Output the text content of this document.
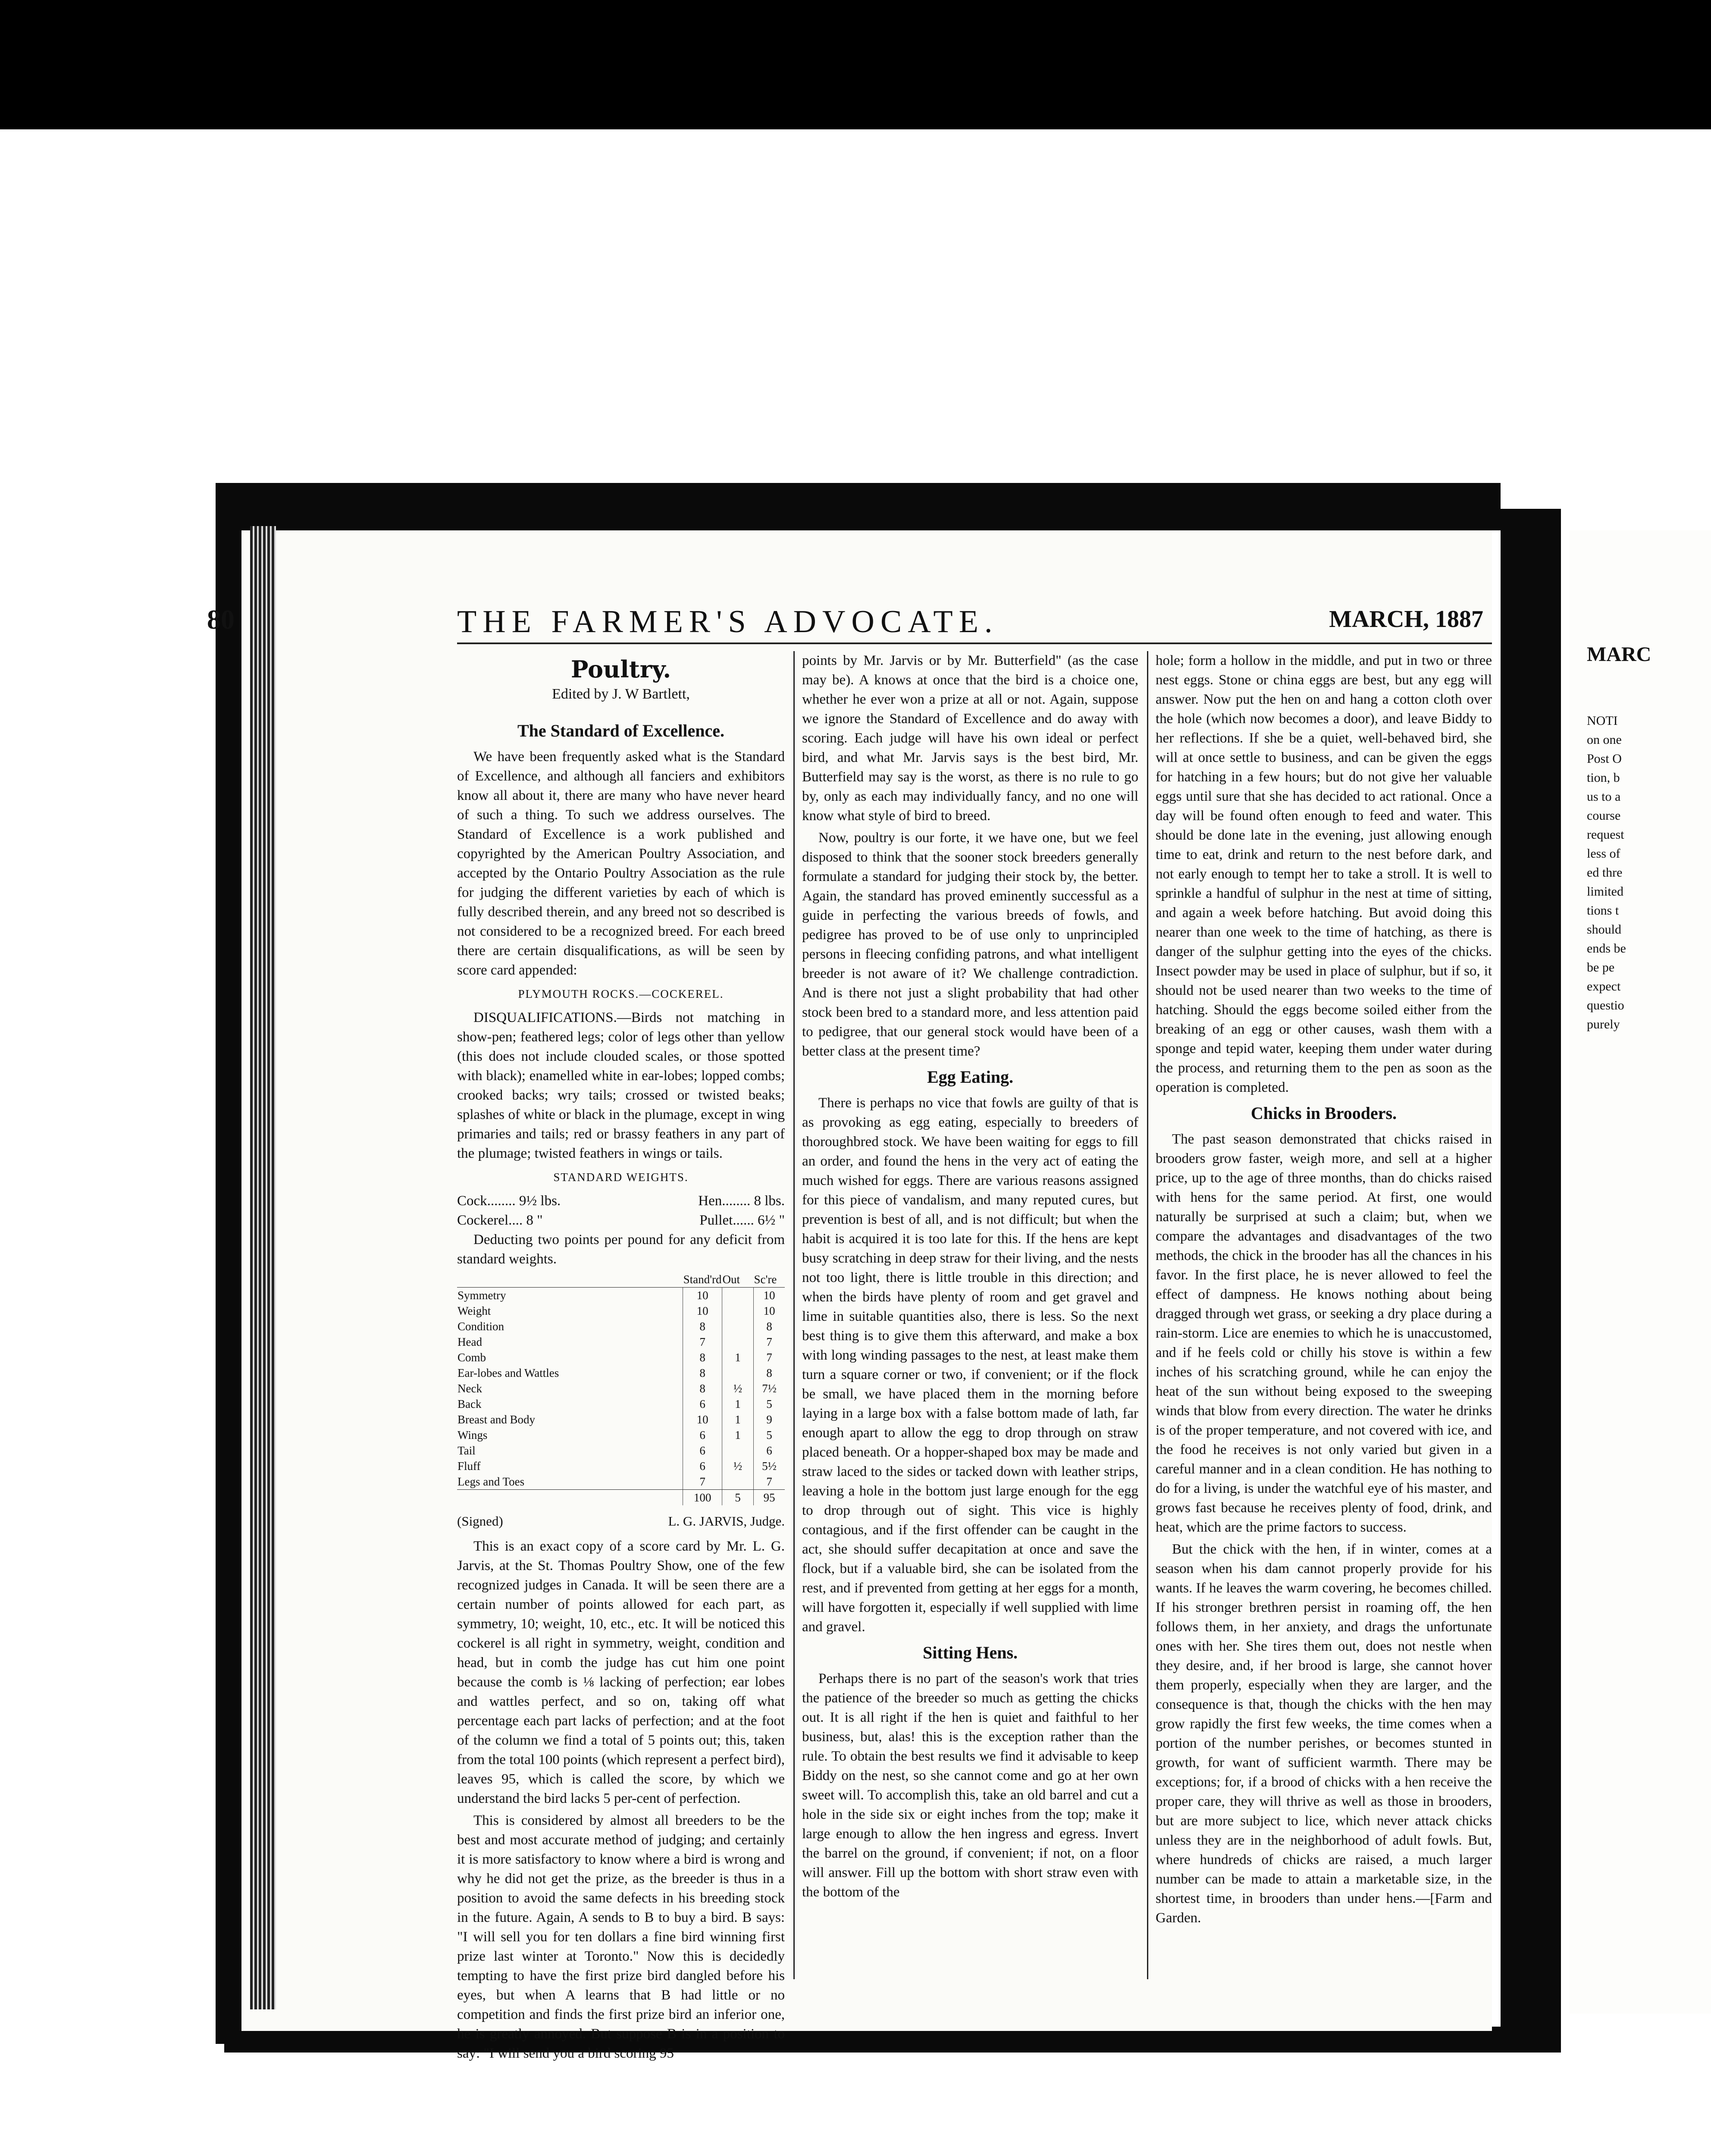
80	THE FARMER'S ADVOCATE.	MARCH, 1887
Poultry.
Edited by J. W Bartlett,
The Standard of Excellence.

We have been frequently asked what is the Standard of Excellence, and although all fanciers and exhibitors know all about it, there are many who have never heard of such a thing. To such we address ourselves. The Standard of Excellence is a work published and copyrighted by the American Poultry Association, and accepted by the Ontario Poultry Association as the rule for judging the different varieties by each of which is fully described therein, and any breed not so described is not considered to be a recognized breed. For each breed there are certain disqualifications, as will be seen by score card appended:

PLYMOUTH ROCKS.—COCKEREL.

DISQUALIFICATIONS.—Birds not matching in show-pen; feathered legs; color of legs other than yellow (this does not include clouded scales, or those spotted with black); enamelled white in ear-lobes; lopped combs; crooked backs; wry tails; crossed or twisted beaks; splashes of white or black in the plumage, except in wing primaries and tails; red or brassy feathers in any part of the plumage; twisted feathers in wings or tails.

STANDARD WEIGHTS.
Cock........ 9½ lbs.	Hen........ 8 lbs.
Cockerel.... 8 "	Pullet...... 6½ "

Deducting two points per pound for any deficit from standard weights.

	Stand'rd	Out	Sc're
Symmetry	10		10
Weight	10		10
Condition	8		8
Head	7		7
Comb	8	1	7
Ear-lobes and Wattles	8		8
Neck	8	½	7½
Back	6	1	5
Breast and Body	10	1	9
Wings	6	1	5
Tail	6		6
Fluff	6	½	5½
Legs and Toes	7		7
	100	5	95
(Signed)	L. G. JARVIS, Judge.

This is an exact copy of a score card by Mr. L. G. Jarvis, at the St. Thomas Poultry Show, one of the few recognized judges in Canada. It will be seen there are a certain number of points allowed for each part, as symmetry, 10; weight, 10, etc., etc. It will be noticed this cockerel is all right in symmetry, weight, condition and head, but in comb the judge has cut him one point because the comb is ⅛ lacking of perfection; ear lobes and wattles perfect, and so on, taking off what percentage each part lacks of perfection; and at the foot of the column we find a total of 5 points out; this, taken from the total 100 points (which represent a perfect bird), leaves 95, which is called the score, by which we understand the bird lacks 5 per-cent of perfection.

This is considered by almost all breeders to be the best and most accurate method of judging; and certainly it is more satisfactory to know where a bird is wrong and why he did not get the prize, as the breeder is thus in a position to avoid the same defects in his breeding stock in the future. Again, A sends to B to buy a bird. B says: "I will sell you for ten dollars a fine bird winning first prize last winter at Toronto." Now this is decidedly tempting to have the first prize bird dangled before his eyes, but when A learns that B had little or no competition and finds the first prize bird an inferior one, he is greatly annoyed. But suppose B is in a position to say: "I will send you a bird scoring 95

points by Mr. Jarvis or by Mr. Butterfield" (as the case may be). A knows at once that the bird is a choice one, whether he ever won a prize at all or not. Again, suppose we ignore the Standard of Excellence and do away with scoring. Each judge will have his own ideal or perfect bird, and what Mr. Jarvis says is the best bird, Mr. Butterfield may say is the worst, as there is no rule to go by, only as each may individually fancy, and no one will know what style of bird to breed.

Now, poultry is our forte, it we have one, but we feel disposed to think that the sooner stock breeders generally formulate a standard for judging their stock by, the better. Again, the standard has proved eminently successful as a guide in perfecting the various breeds of fowls, and pedigree has proved to be of use only to unprincipled persons in fleecing confiding patrons, and what intelligent breeder is not aware of it? We challenge contradiction. And is there not just a slight probability that had other stock been bred to a standard more, and less attention paid to pedigree, that our general stock would have been of a better class at the present time?

Egg Eating.

There is perhaps no vice that fowls are guilty of that is as provoking as egg eating, especially to breeders of thoroughbred stock. We have been waiting for eggs to fill an order, and found the hens in the very act of eating the much wished for eggs. There are various reasons assigned for this piece of vandalism, and many reputed cures, but prevention is best of all, and is not difficult; but when the habit is acquired it is too late for this. If the hens are kept busy scratching in deep straw for their living, and the nests not too light, there is little trouble in this direction; and when the birds have plenty of room and get gravel and lime in suitable quantities also, there is less. So the next best thing is to give them this afterward, and make a box with long winding passages to the nest, at least make them turn a square corner or two, if convenient; or if the flock be small, we have placed them in the morning before laying in a large box with a false bottom made of lath, far enough apart to allow the egg to drop through on straw placed beneath. Or a hopper-shaped box may be made and straw laced to the sides or tacked down with leather strips, leaving a hole in the bottom just large enough for the egg to drop through out of sight. This vice is highly contagious, and if the first offender can be caught in the act, she should suffer decapitation at once and save the flock, but if a valuable bird, she can be isolated from the rest, and if prevented from getting at her eggs for a month, will have forgotten it, especially if well supplied with lime and gravel.

Sitting Hens.

Perhaps there is no part of the season's work that tries the patience of the breeder so much as getting the chicks out. It is all right if the hen is quiet and faithful to her business, but, alas! this is the exception rather than the rule. To obtain the best results we find it advisable to keep Biddy on the nest, so she cannot come and go at her own sweet will. To accomplish this, take an old barrel and cut a hole in the side six or eight inches from the top; make it large enough to allow the hen ingress and egress. Invert the barrel on the ground, if convenient; if not, on a floor will answer. Fill up the bottom with short straw even with the bottom of the

hole; form a hollow in the middle, and put in two or three nest eggs. Stone or china eggs are best, but any egg will answer. Now put the hen on and hang a cotton cloth over the hole (which now becomes a door), and leave Biddy to her reflections. If she be a quiet, well-behaved bird, she will at once settle to business, and can be given the eggs for hatching in a few hours; but do not give her valuable eggs until sure that she has decided to act rational. Once a day will be found often enough to feed and water. This should be done late in the evening, just allowing enough time to eat, drink and return to the nest before dark, and not early enough to tempt her to take a stroll. It is well to sprinkle a handful of sulphur in the nest at time of sitting, and again a week before hatching. But avoid doing this nearer than one week to the time of hatching, as there is danger of the sulphur getting into the eyes of the chicks. Insect powder may be used in place of sulphur, but if so, it should not be used nearer than two weeks to the time of hatching. Should the eggs become soiled either from the breaking of an egg or other causes, wash them with a sponge and tepid water, keeping them under water during the process, and returning them to the pen as soon as the operation is completed.

Chicks in Brooders.

The past season demonstrated that chicks raised in brooders grow faster, weigh more, and sell at a higher price, up to the age of three months, than do chicks raised with hens for the same period. At first, one would naturally be surprised at such a claim; but, when we compare the advantages and disadvantages of the two methods, the chick in the brooder has all the chances in his favor. In the first place, he is never allowed to feel the effect of dampness. He knows nothing about being dragged through wet grass, or seeking a dry place during a rain-storm. Lice are enemies to which he is unaccustomed, and if he feels cold or chilly his stove is within a few inches of his scratching ground, while he can enjoy the heat of the sun without being exposed to the sweeping winds that blow from every direction. The water he drinks is of the proper temperature, and not covered with ice, and the food he receives is not only varied but given in a careful manner and in a clean condition. He has nothing to do for a living, is under the watchful eye of his master, and grows fast because he receives plenty of food, drink, and heat, which are the prime factors to success.

But the chick with the hen, if in winter, comes at a season when his dam cannot properly provide for his wants. If he leaves the warm covering, he becomes chilled. If his stronger brethren persist in roaming off, the hen follows them, in her anxiety, and drags the unfortunate ones with her. She tires them out, does not nestle when they desire, and, if her brood is large, she cannot hover them properly, especially when they are larger, and the consequence is that, though the chicks with the hen may grow rapidly the first few weeks, the time comes when a portion of the number perishes, or becomes stunted in growth, for want of sufficient warmth. There may be exceptions; for, if a brood of chicks with a hen receive the proper care, they will thrive as well as those in brooders, but are more subject to lice, which never attack chicks unless they are in the neighborhood of adult fowls. But, where hundreds of chicks are raised, a much larger number can be made to attain a marketable size, in the shortest time, in brooders than under hens.—[Farm and Garden.

MARC
NOTI
on one
Post O
tion, b
us to a
course
request
less of
ed thre
limited
tions t
should
ends be
be pe
expect
questio
purely
